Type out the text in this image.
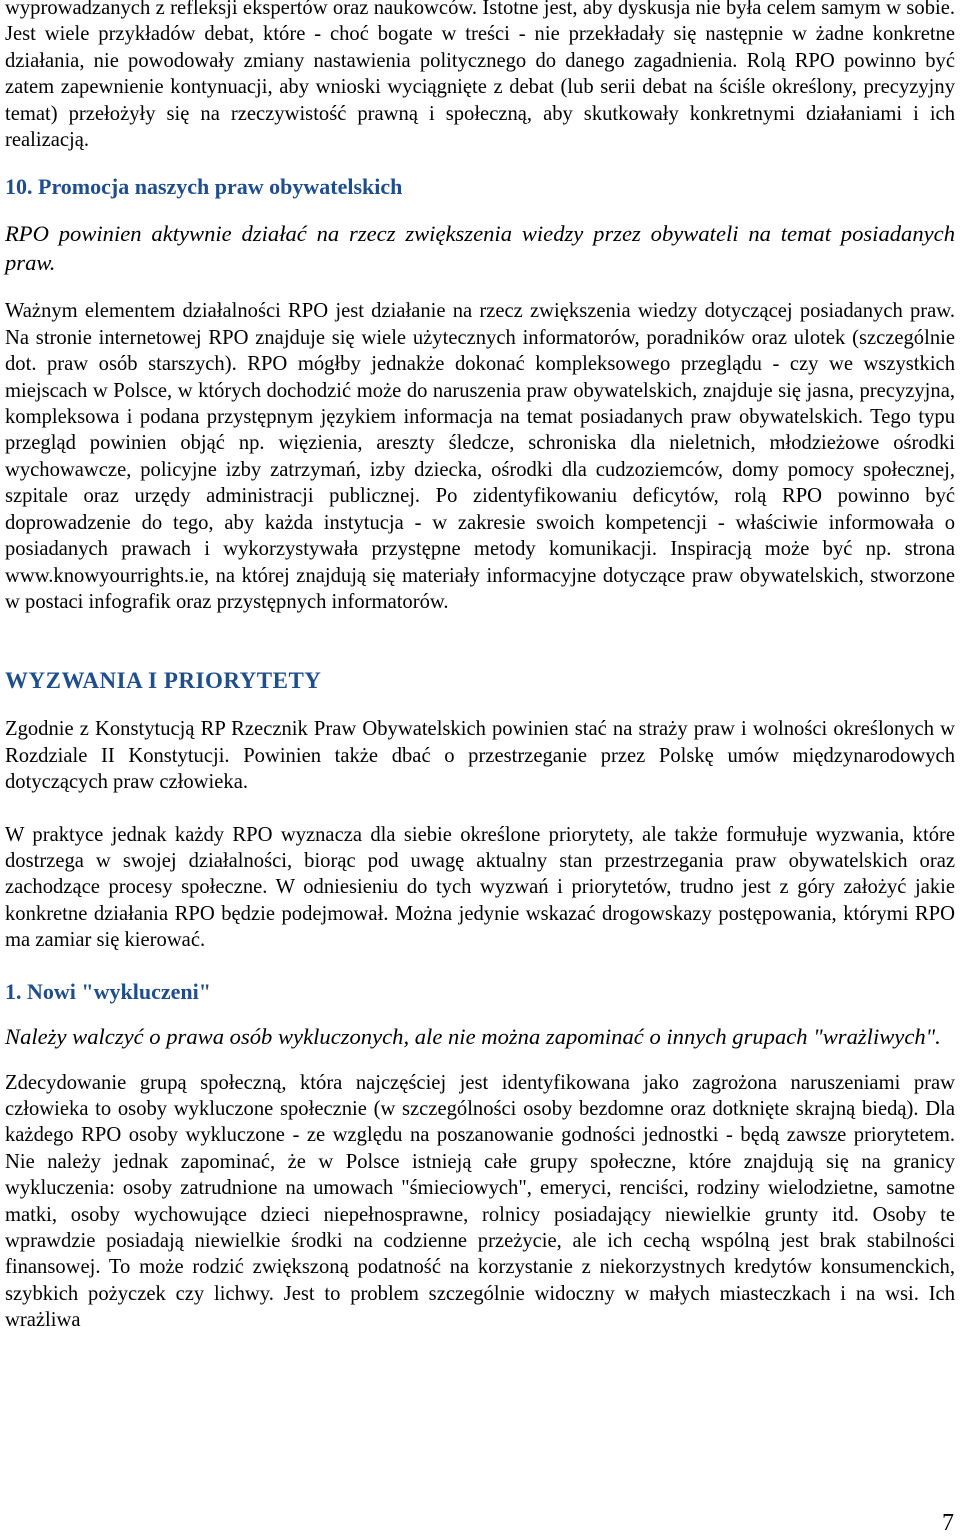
wyprowadzanych z refleksji ekspertów oraz naukowców. Istotne jest, aby dyskusja nie była celem samym w sobie. Jest wiele przykładów debat, które - choć bogate w treści - nie przekładały się następnie w żadne konkretne działania, nie powodowały zmiany nastawienia politycznego do danego zagadnienia. Rolą RPO powinno być zatem zapewnienie kontynuacji, aby wnioski wyciągnięte z debat (lub serii debat na ściśle określony, precyzyjny temat) przełożyły się na rzeczywistość prawną i społeczną, aby skutkowały konkretnymi działaniami i ich realizacją.

10. Promocja naszych praw obywatelskich

RPO powinien aktywnie działać na rzecz zwiększenia wiedzy przez obywateli na temat posiadanych praw.

Ważnym elementem działalności RPO jest działanie na rzecz zwiększenia wiedzy dotyczącej posiadanych praw. Na stronie internetowej RPO znajduje się wiele użytecznych informatorów, poradników oraz ulotek (szczególnie dot. praw osób starszych). RPO mógłby jednakże dokonać kompleksowego przeglądu - czy we wszystkich miejscach w Polsce, w których dochodzić może do naruszenia praw obywatelskich, znajduje się jasna, precyzyjna, kompleksowa i podana przystępnym językiem informacja na temat posiadanych praw obywatelskich. Tego typu przegląd powinien objąć np. więzienia, areszty śledcze, schroniska dla nieletnich, młodzieżowe ośrodki wychowawcze, policyjne izby zatrzymań, izby dziecka, ośrodki dla cudzoziemców, domy pomocy społecznej, szpitale oraz urzędy administracji publicznej. Po zidentyfikowaniu deficytów, rolą RPO powinno być doprowadzenie do tego, aby każda instytucja - w zakresie swoich kompetencji - właściwie informowała o posiadanych prawach i wykorzystywała przystępne metody komunikacji. Inspiracją może być np. strona www.knowyourrights.ie, na której znajdują się materiały informacyjne dotyczące praw obywatelskich, stworzone w postaci infografik oraz przystępnych informatorów.

WYZWANIA I PRIORYTETY

Zgodnie z Konstytucją RP Rzecznik Praw Obywatelskich powinien stać na straży praw i wolności określonych w Rozdziale II Konstytucji. Powinien także dbać o przestrzeganie przez Polskę umów międzynarodowych dotyczących praw człowieka.

W praktyce jednak każdy RPO wyznacza dla siebie określone priorytety, ale także formułuje wyzwania, które dostrzega w swojej działalności, biorąc pod uwagę aktualny stan przestrzegania praw obywatelskich oraz zachodzące procesy społeczne. W odniesieniu do tych wyzwań i priorytetów, trudno jest z góry założyć jakie konkretne działania RPO będzie podejmował. Można jedynie wskazać drogowskazy postępowania, którymi RPO ma zamiar się kierować.

1. Nowi "wykluczeni"

Należy walczyć o prawa osób wykluczonych, ale nie można zapominać o innych grupach "wrażliwych".

Zdecydowanie grupą społeczną, która najczęściej jest identyfikowana jako zagrożona naruszeniami praw człowieka to osoby wykluczone społecznie (w szczególności osoby bezdomne oraz dotknięte skrajną biedą). Dla każdego RPO osoby wykluczone - ze względu na poszanowanie godności jednostki - będą zawsze priorytetem. Nie należy jednak zapominać, że w Polsce istnieją całe grupy społeczne, które znajdują się na granicy wykluczenia: osoby zatrudnione na umowach "śmieciowych", emeryci, renciści, rodziny wielodzietne, samotne matki, osoby wychowujące dzieci niepełnosprawne, rolnicy posiadający niewielkie grunty itd. Osoby te wprawdzie posiadają niewielkie środki na codzienne przeżycie, ale ich cechą wspólną jest brak stabilności finansowej. To może rodzić zwiększoną podatność na korzystanie z niekorzystnych kredytów konsumenckich, szybkich pożyczek czy lichwy. Jest to problem szczególnie widoczny w małych miasteczkach i na wsi. Ich wrażliwa

7
